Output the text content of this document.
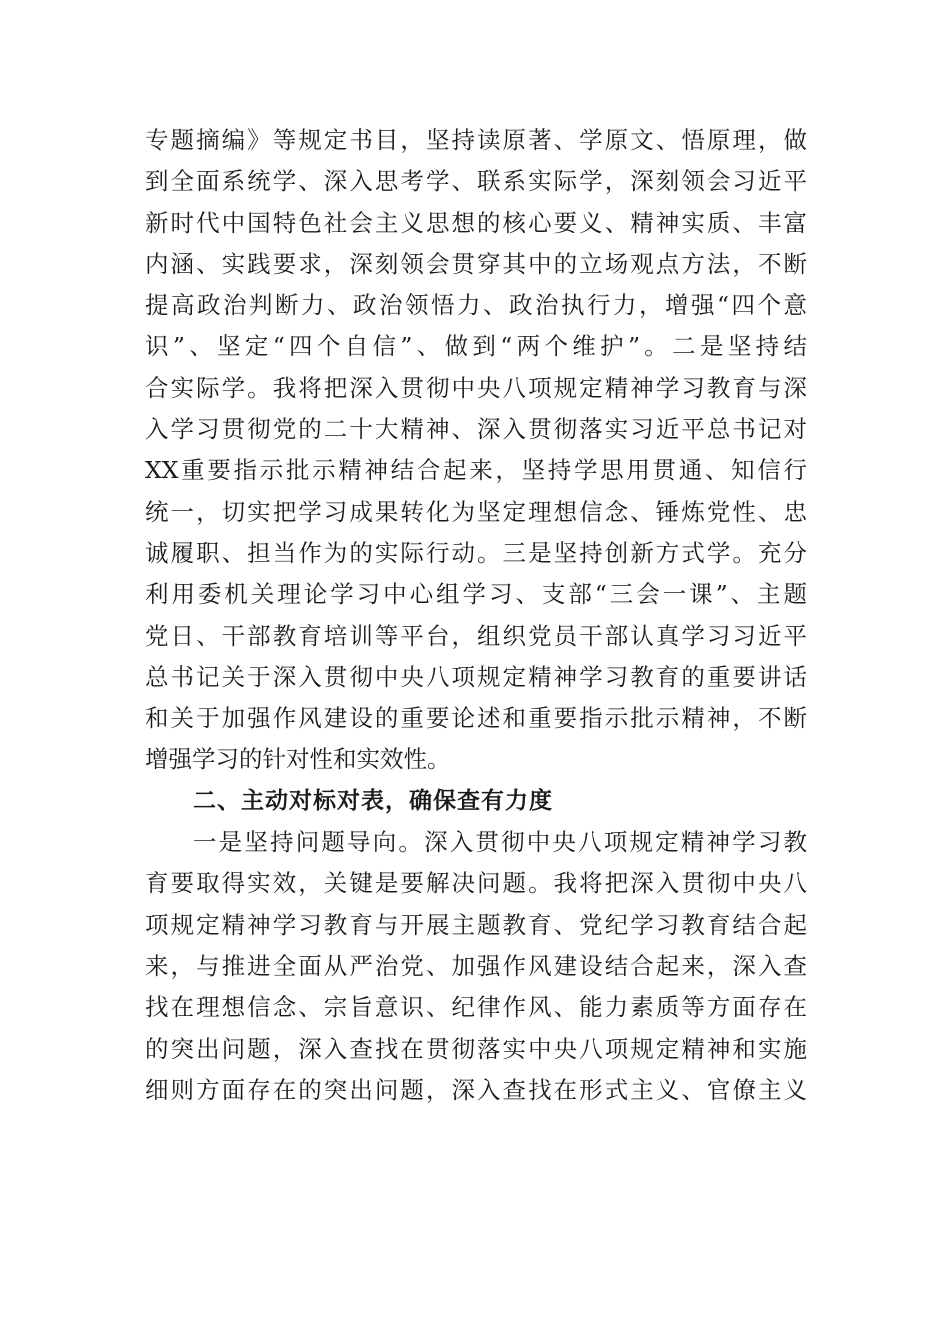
专题摘编》等规定书目，坚持读原著、学原文、悟原理，做
到全面系统学、深入思考学、联系实际学，深刻领会习近平
新时代中国特色社会主义思想的核心要义、精神实质、丰富
内涵、实践要求，深刻领会贯穿其中的立场观点方法，不断
提高政治判断力、政治领悟力、政治执行力，增强“四个意
识”、坚定“四个自信”、做到“两个维护”。二是坚持结
合实际学。我将把深入贯彻中央八项规定精神学习教育与深
入学习贯彻党的二十大精神、深入贯彻落实习近平总书记对
XX重要指示批示精神结合起来，坚持学思用贯通、知信行
统一，切实把学习成果转化为坚定理想信念、锤炼党性、忠
诚履职、担当作为的实际行动。三是坚持创新方式学。充分
利用委机关理论学习中心组学习、支部“三会一课”、主题
党日、干部教育培训等平台，组织党员干部认真学习习近平
总书记关于深入贯彻中央八项规定精神学习教育的重要讲话
和关于加强作风建设的重要论述和重要指示批示精神，不断
增强学习的针对性和实效性。
二、主动对标对表，确保查有力度
一是坚持问题导向。深入贯彻中央八项规定精神学习教
育要取得实效，关键是要解决问题。我将把深入贯彻中央八
项规定精神学习教育与开展主题教育、党纪学习教育结合起
来，与推进全面从严治党、加强作风建设结合起来，深入查
找在理想信念、宗旨意识、纪律作风、能力素质等方面存在
的突出问题，深入查找在贯彻落实中央八项规定精神和实施
细则方面存在的突出问题，深入查找在形式主义、官僚主义
